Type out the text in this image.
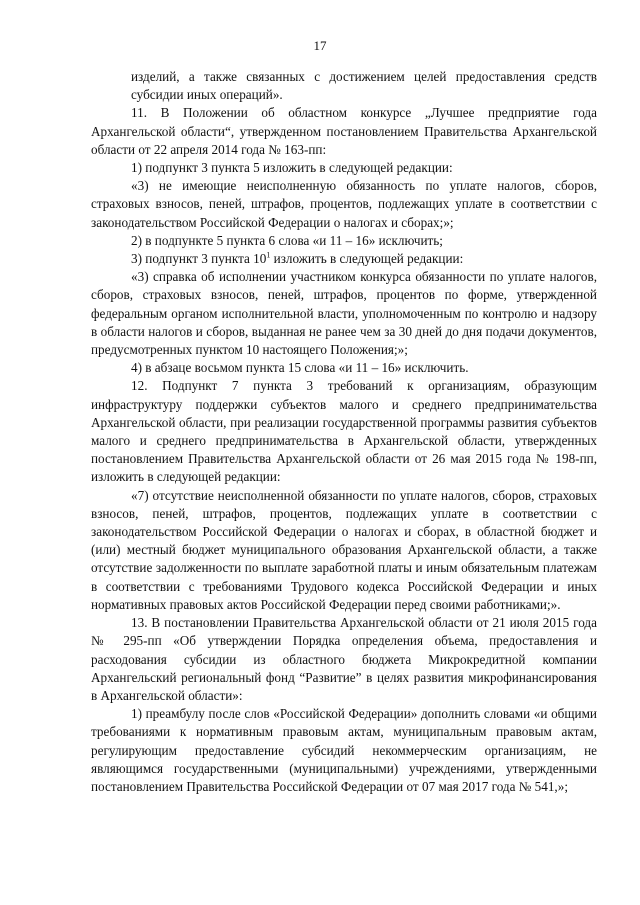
17

изделий, а также связанных с достижением целей предоставления средств субсидии иных операций».

11. В Положении об областном конкурсе „Лучшее предприятие года Архангельской области“, утвержденном постановлением Правительства Архангельской области от 22 апреля 2014 года № 163-пп:

1) подпункт 3 пункта 5 изложить в следующей редакции:

«3) не имеющие неисполненную обязанность по уплате налогов, сборов, страховых взносов, пеней, штрафов, процентов, подлежащих уплате в соответствии с законодательством Российской Федерации о налогах и сборах;»;

2) в подпункте 5 пункта 6 слова «и 11 – 16» исключить;

3) подпункт 3 пункта $10^1$ изложить в следующей редакции:

«3) справка об исполнении участником конкурса обязанности по уплате налогов, сборов, страховых взносов, пеней, штрафов, процентов по форме, утвержденной федеральным органом исполнительной власти, уполномоченным по контролю и надзору в области налогов и сборов, выданная не ранее чем за 30 дней до дня подачи документов, предусмотренных пунктом 10 настоящего Положения;»;

4) в абзаце восьмом пункта 15 слова «и 11 – 16» исключить.

12. Подпункт 7 пункта 3 требований к организациям, образующим инфраструктуру поддержки субъектов малого и среднего предпринимательства Архангельской области, при реализации государственной программы развития субъектов малого и среднего предпринимательства в Архангельской области, утвержденных постановлением Правительства Архангельской области от 26 мая 2015 года № 198-пп, изложить в следующей редакции:

«7) отсутствие неисполненной обязанности по уплате налогов, сборов, страховых взносов, пеней, штрафов, процентов, подлежащих уплате в соответствии с законодательством Российской Федерации о налогах и сборах, в областной бюджет и (или) местный бюджет муниципального образования Архангельской области, а также отсутствие задолженности по выплате заработной платы и иным обязательным платежам в соответствии с требованиями Трудового кодекса Российской Федерации и иных нормативных правовых актов Российской Федерации перед своими работниками;».

13. В постановлении Правительства Архангельской области от 21 июля 2015 года № 295-пп «Об утверждении Порядка определения объема, предоставления и расходования субсидии из областного бюджета Микрокредитной компании Архангельский региональный фонд “Развитие” в целях развития микрофинансирования в Архангельской области»:

1) преамбулу после слов «Российской Федерации» дополнить словами «и общими требованиями к нормативным правовым актам, муниципальным правовым актам, регулирующим предоставление субсидий некоммерческим организациям, не являющимся государственными (муниципальными) учреждениями, утвержденными постановлением Правительства Российской Федерации от 07 мая 2017 года № 541,»;
